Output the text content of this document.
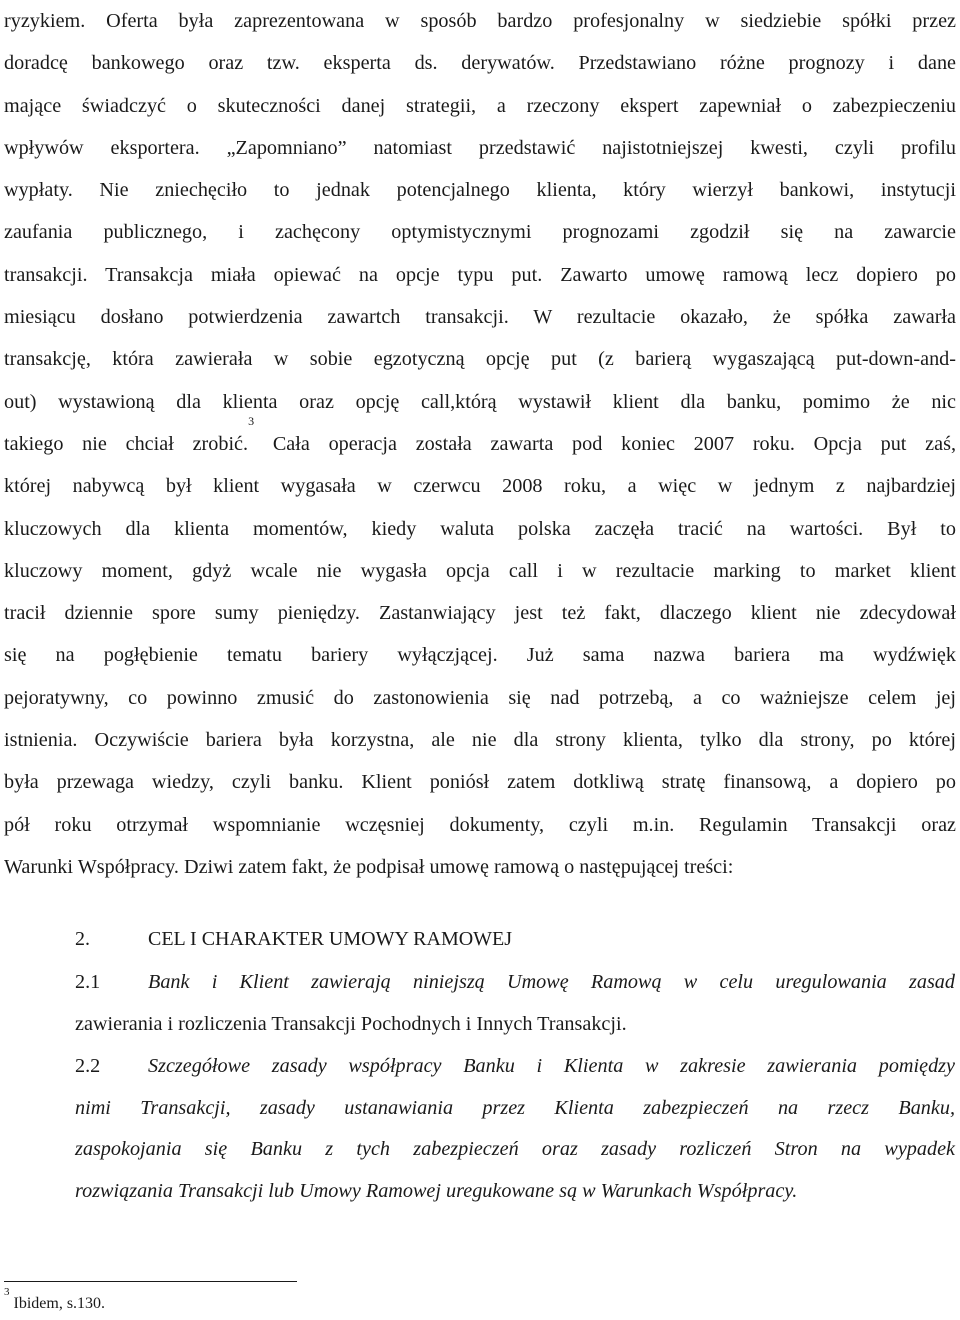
ryzykiem. Oferta była zaprezentowana w sposób bardzo profesjonalny w siedziebie spółki przez
doradcę bankowego oraz tzw. eksperta ds. derywatów. Przedstawiano różne prognozy i dane
mające świadczyć o skuteczności danej strategii, a rzeczony ekspert zapewniał o zabezpieczeniu
wpływów eksportera. „Zapomniano” natomiast przedstawić najistotniejszej kwesti, czyli profilu
wypłaty. Nie zniechęciło to jednak potencjalnego klienta, który wierzył bankowi, instytucji
zaufania publicznego, i zachęcony optymistycznymi prognozami zgodził się na zawarcie
transakcji. Transakcja miała opiewać na opcje typu put. Zawarto umowę ramową lecz dopiero po
miesiącu dosłano potwierdzenia zawartch transakcji. W rezultacie okazało, że spółka zawarła
transakcję, która zawierała w sobie egzotyczną opcję put (z barierą wygaszającą put-down-and-
out) wystawioną dla klienta oraz opcję call,którą wystawił klient dla banku, pomimo że nic
takiego nie chciał zrobić.$^3$ Cała operacja została zawarta pod koniec 2007 roku. Opcja put zaś,
której nabywcą był klient wygasała w czerwcu 2008 roku, a więc w jednym z najbardziej
kluczowych dla klienta momentów, kiedy waluta polska zaczęła tracić na wartości. Był to
kluczowy moment, gdyż wcale nie wygasła opcja call i w rezultacie marking to market klient
tracił dziennie spore sumy pieniędzy. Zastanwiający jest też fakt, dlaczego klient nie zdecydował
się na pogłębienie tematu bariery wyłączjącej. Już sama nazwa bariera ma wydźwięk
pejoratywny, co powinno zmusić do zastonowienia się nad potrzebą, a co ważniejsze celem jej
istnienia. Oczywiście bariera była korzystna, ale nie dla strony klienta, tylko dla strony, po której
była przewaga wiedzy, czyli banku. Klient poniósł zatem dotkliwą stratę finansową, a dopiero po
pół roku otrzymał wspomnianie wczęsniej dokumenty, czyli m.in. Regulamin Transakcji oraz
Warunki Współpracy. Dziwi zatem fakt, że podpisał umowę ramową o następującej treści:
2.	CEL I CHARAKTER UMOWY RAMOWEJ
2.1 Bank i Klient zawierają niniejszą Umowę Ramową w celu uregulowania zasad
zawierania i rozliczenia Transakcji Pochodnych i Innych Transakcji.
2.2 Szczegółowe zasady współpracy Banku i Klienta w zakresie zawierania pomiędzy
nimi Transakcji, zasady ustanawiania przez Klienta zabezpieczeń na rzecz Banku,
zaspokojania się Banku z tych zabezpieczeń oraz zasady rozliczeń Stron na wypadek
rozwiązania Transakcji lub Umowy Ramowej uregukowane są w Warunkach Współpracy.
$^3$ Ibidem, s.130.
